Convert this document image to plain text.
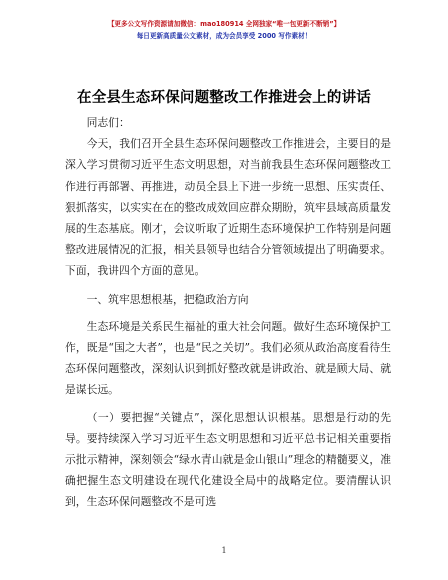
【更多公文写作资源请加微信：mao180914 全网独家“唯一包更新不断销”】
每日更新高质量公文素材，成为会员享受 2000 写作素材！
在全县生态环保问题整改工作推进会上的讲话

同志们：

今天，我们召开全县生态环保问题整改工作推进会，主要目的是深入学习贯彻习近平生态文明思想，对当前我县生态环保问题整改工作进行再部署、再推进，动员全县上下进一步统一思想、压实责任、狠抓落实，以实实在在的整改成效回应群众期盼，筑牢县域高质量发展的生态基底。刚才，会议听取了近期生态环境保护工作特别是问题整改进展情况的汇报，相关县领导也结合分管领域提出了明确要求。下面，我讲四个方面的意见。

一、筑牢思想根基，把稳政治方向

生态环境是关系民生福祉的重大社会问题。做好生态环境保护工作，既是“国之大者”，也是“民之关切”。我们必须从政治高度看待生态环保问题整改，深刻认识到抓好整改就是讲政治、就是顾大局、就是谋长远。

（一）要把握“关键点”，深化思想认识根基。思想是行动的先导。要持续深入学习习近平生态文明思想和习近平总书记相关重要指示批示精神，深刻领会“绿水青山就是金山银山”理念的精髓要义，准确把握生态文明建设在现代化建设全局中的战略定位。要清醒认识到，生态环保问题整改不是可选

1
